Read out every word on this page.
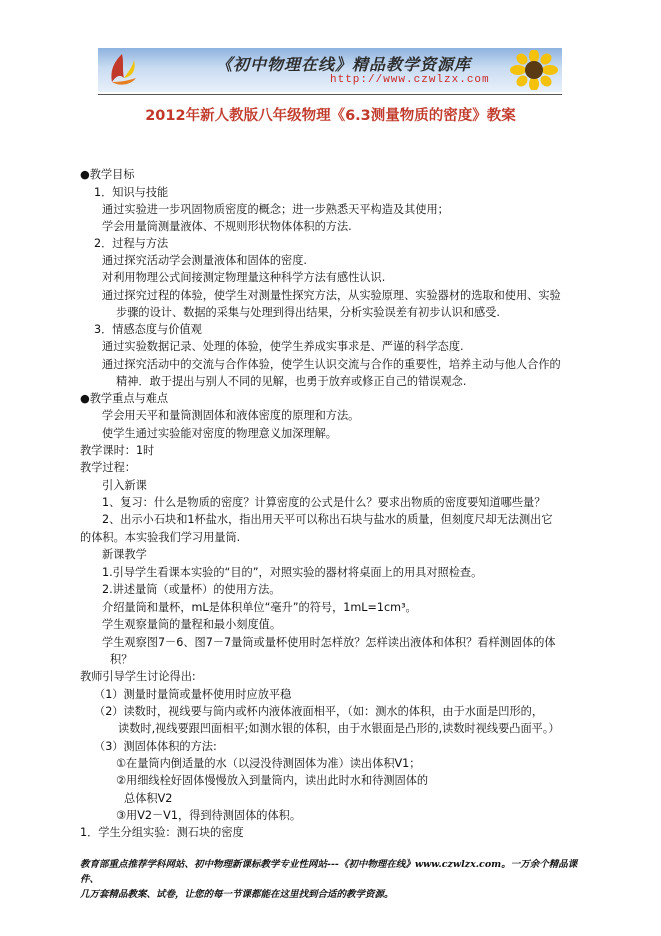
《初中物理在线》精品教学资源库
http://www.czwlzx.com
2012年新人教版八年级物理《6.3测量物质的密度》教案
●教学目标
1．知识与技能
通过实验进一步巩固物质密度的概念；进一步熟悉天平构造及其使用；
学会用量筒测量液体、不规则形状物体体积的方法.
2．过程与方法
通过探究活动学会测量液体和固体的密度.
对利用物理公式间接测定物理量这种科学方法有感性认识.
通过探究过程的体验，使学生对测量性探究方法，从实验原理、实验器材的选取和使用、实验
步骤的设计、数据的采集与处理到得出结果，分析实验误差有初步认识和感受.
3．情感态度与价值观
通过实验数据记录、处理的体验，使学生养成实事求是、严谨的科学态度.
通过探究活动中的交流与合作体验，使学生认识交流与合作的重要性，培养主动与他人合作的
精神．敢于提出与别人不同的见解，也勇于放弃或修正自己的错误观念.
●教学重点与难点
学会用天平和量筒测固体和液体密度的原理和方法。
使学生通过实验能对密度的物理意义加深理解。
教学课时：1时
教学过程：
引入新课
1、复习：什么是物质的密度？计算密度的公式是什么？要求出物质的密度要知道哪些量？
2、出示小石块和1杯盐水，指出用天平可以称出石块与盐水的质量，但刻度尺却无法测出它
的体积。本实验我们学习用量筒.
新课教学
1.引导学生看课本实验的“目的”，对照实验的器材将桌面上的用具对照检查。
2.讲述量筒（或量杯）的使用方法。
介绍量筒和量杯，mL是体积单位“毫升”的符号，1mL=1cm³。
学生观察量筒的量程和最小刻度值。
学生观察图7－6、图7－7量筒或量杯使用时怎样放？怎样读出液体和体积？看样测固体的体
积？
教师引导学生讨论得出:
（1）测量时量筒或量杯使用时应放平稳
（2）读数时，视线要与筒内或杯内液体液面相平，（如：测水的体积，由于水面是凹形的，
读数时,视线要跟凹面相平;如测水银的体积，由于水银面是凸形的,读数时视线要凸面平。）
（3）测固体体积的方法:
①在量筒内倒适量的水（以浸没待测固体为准）读出体积V1；
②用细线栓好固体慢慢放入到量筒内，读出此时水和待测固体的
总体积V2
③用V2－V1，得到待测固体的体积。
1．学生分组实验：测石块的密度
教育部重点推荐学科网站、初中物理新课标教学专业性网站---《初中物理在线》www.czwlzx.com。一万余个精品课件、
几万套精品教案、试卷，让您的每一节课都能在这里找到合适的教学资源。
